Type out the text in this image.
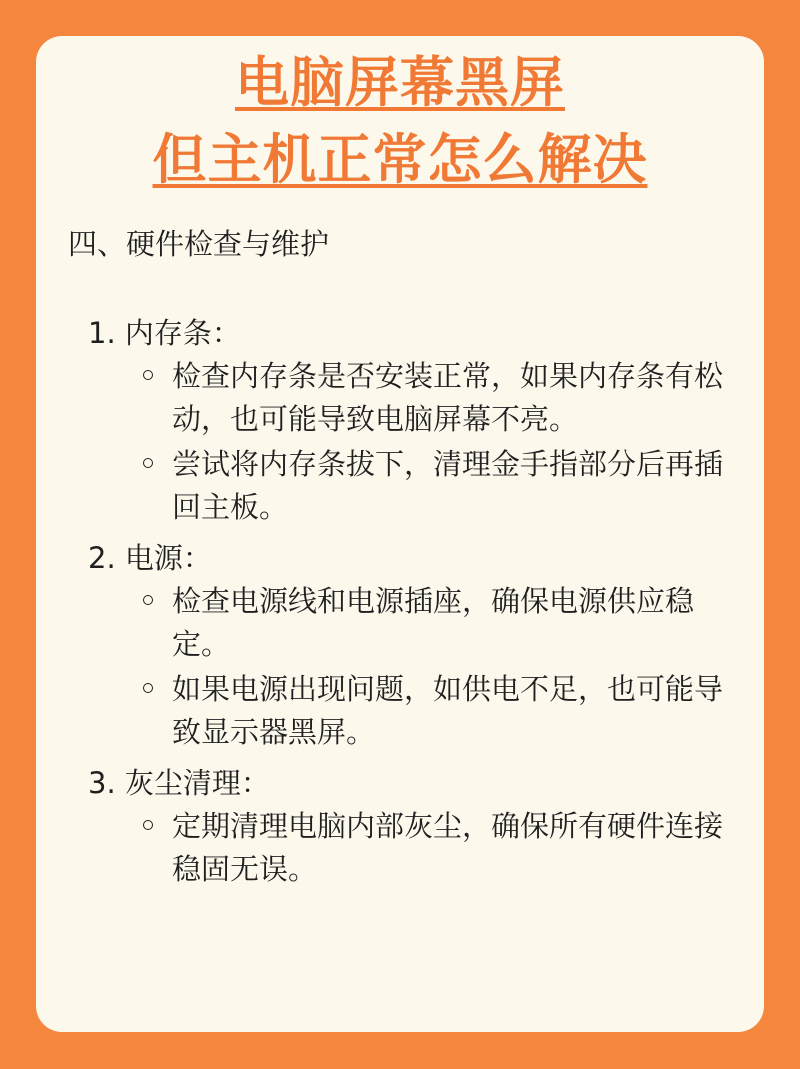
电脑屏幕黑屏
但主机正常怎么解决
四、硬件检查与维护
1. 内存条：
检查内存条是否安装正常，如果内存条有松动，也可能导致电脑屏幕不亮。
尝试将内存条拔下，清理金手指部分后再插回主板。
2. 电源：
检查电源线和电源插座，确保电源供应稳定。
如果电源出现问题，如供电不足，也可能导致显示器黑屏。
3. 灰尘清理：
定期清理电脑内部灰尘，确保所有硬件连接稳固无误。
